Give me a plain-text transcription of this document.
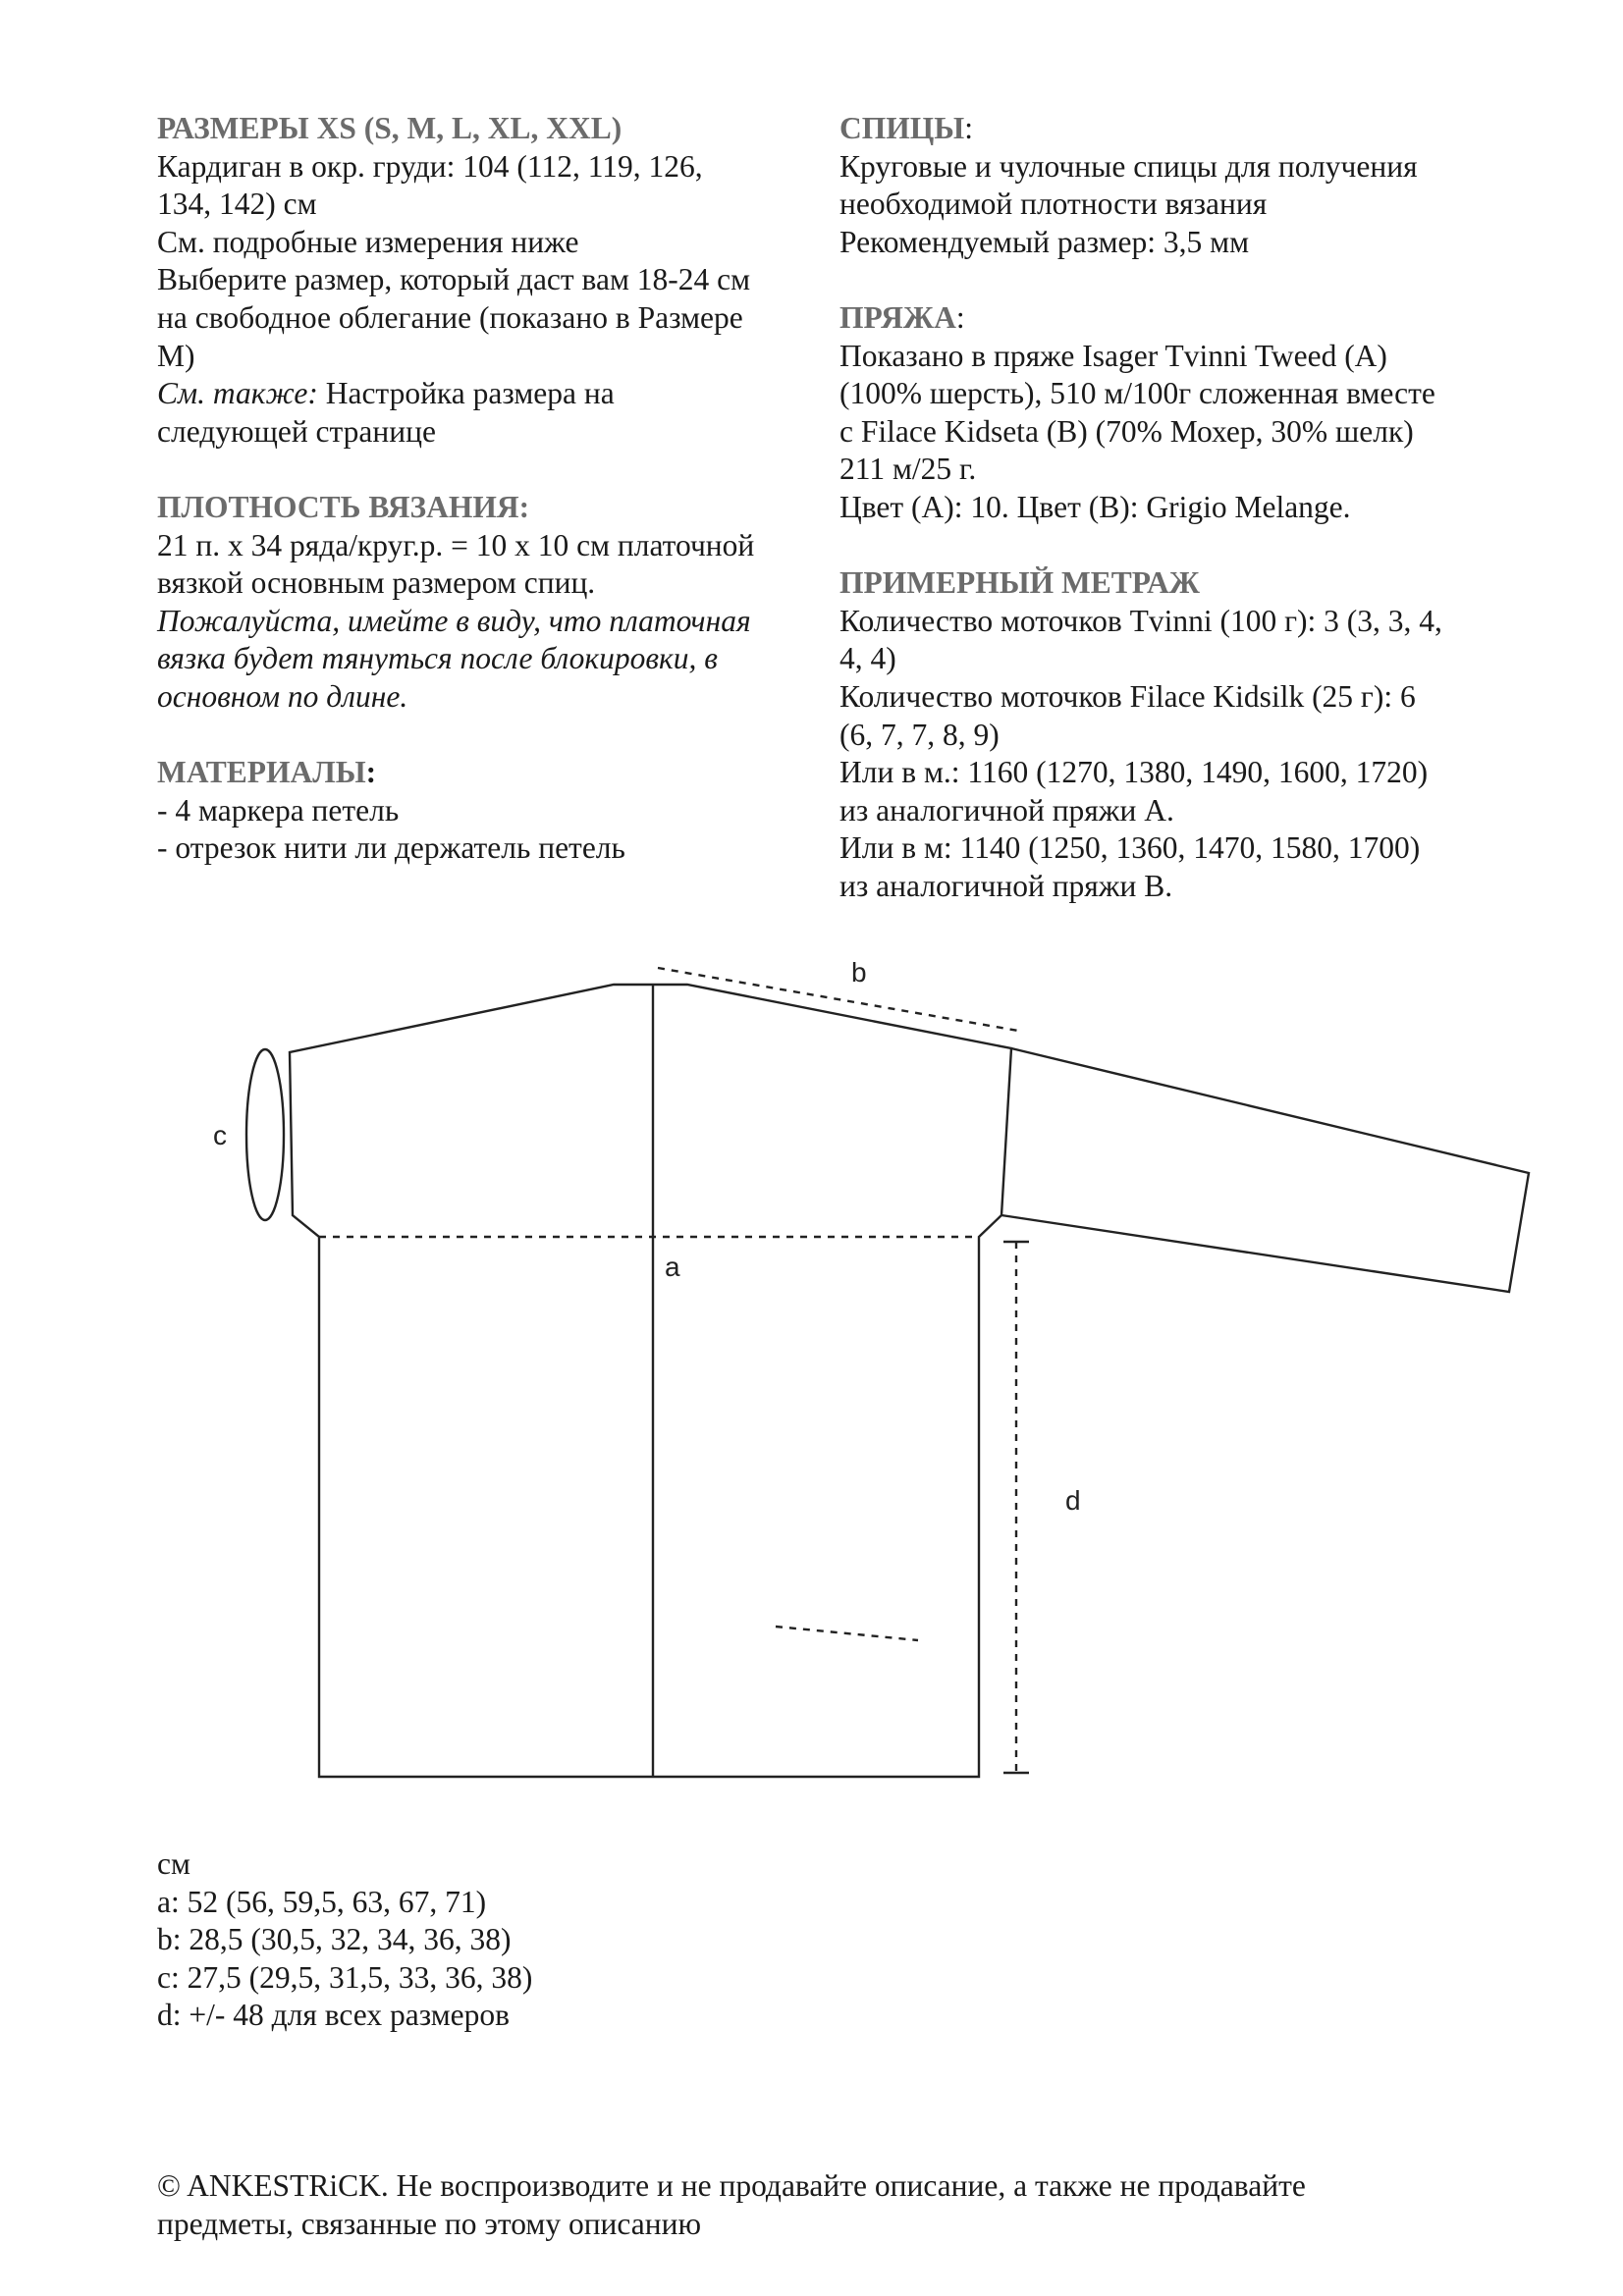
РАЗМЕРЫ XS (S, M, L, XL, XXL)

Кардиган в окр. груди: 104 (112, 119, 126,

134, 142) см

См. подробные измерения ниже

Выберите размер, который даст вам 18-24 см

на свободное облегание (показано в Размере

М)

См. также: Настройка размера на

следующей странице

ПЛОТНОСТЬ ВЯЗАНИЯ:

21 п. x 34 ряда/круг.р. = 10 x 10 см платочной

вязкой основным размером спиц.

Пожалуйста, имейте в виду, что платочная

вязка будет тянуться после блокировки, в

основном по длине.

МАТЕРИАЛЫ:

- 4 маркера петель

- отрезок нити ли держатель петель

СПИЦЫ:

Круговые и чулочные спицы для получения

необходимой плотности вязания

Рекомендуемый размер: 3,5 мм

ПРЯЖА:

Показано в пряже Isager Tvinni Tweed (A)

(100% шерсть), 510 м/100г сложенная вместе

с Filace Kidseta (B) (70% Мохер, 30% шелк)

211 м/25 г.

Цвет (А): 10. Цвет (В): Grigio Melange.

ПРИМЕРНЫЙ МЕТРАЖ

Количество моточков Tvinni (100 г): 3 (3, 3, 4,

4, 4)

Количество моточков Filace Kidsilk (25 г): 6

(6, 7, 7, 8, 9)

Или в м.: 1160 (1270, 1380, 1490, 1600, 1720)

из аналогичной пряжи А.

Или в м: 1140 (1250, 1360, 1470, 1580, 1700)

из аналогичной пряжи В.

a
b
c
d

см

a: 52 (56, 59,5, 63, 67, 71)

b: 28,5 (30,5, 32, 34, 36, 38)

c: 27,5 (29,5, 31,5, 33, 36, 38)

d: +/- 48 для всех размеров

© ANKESTRiCK. Не воспроизводите и не продавайте описание, а также не продавайте

предметы, связанные по этому описанию
